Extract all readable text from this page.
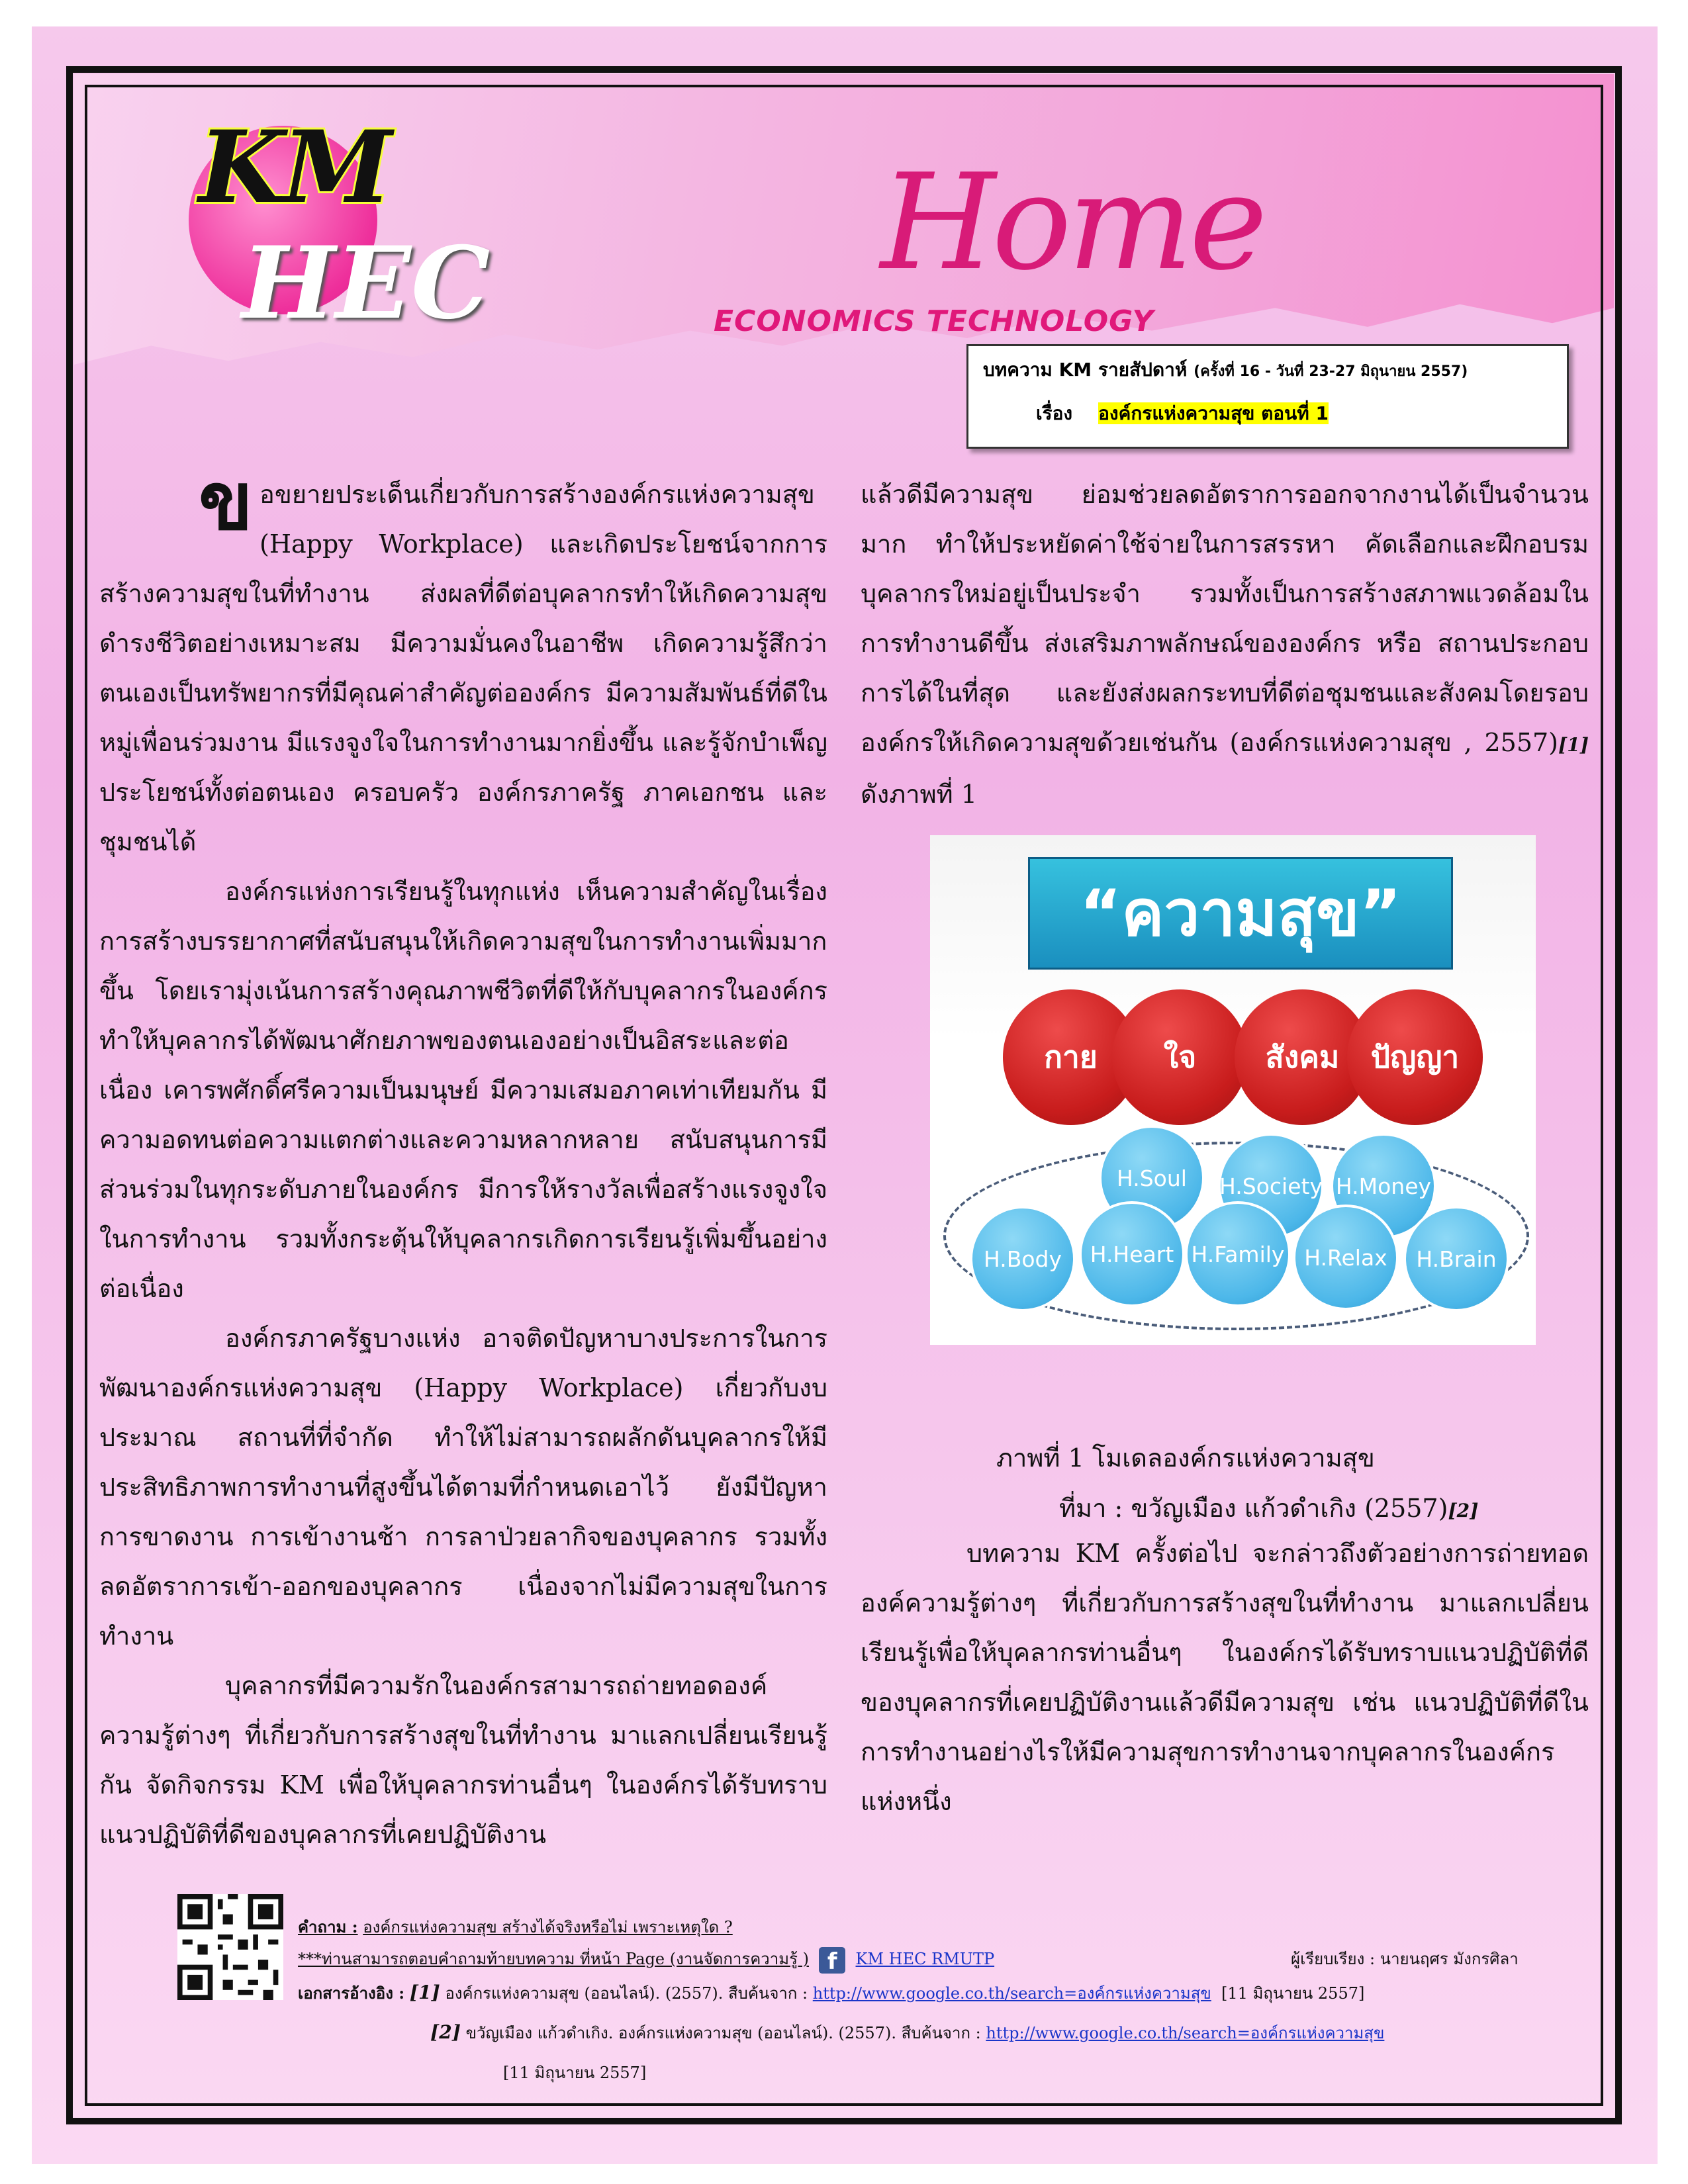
KM
HEC	Home
ECONOMICS TECHNOLOGY
บทความ KM รายสัปดาห์ (ครั้งที่ 16 - วันที่ 23-27 มิถุนายน 2557)
เรื่อง องค์กรแห่งความสุข ตอนที่ 1

ขอขยายประเด็นเกี่ยวกับการสร้างองค์กรแห่งความสุข (Happy Workplace) และเกิดประโยชน์จากการสร้างความสุขในที่ทำงาน ส่งผลที่ดีต่อบุคลากรทำให้เกิดความสุข ดำรงชีวิตอย่างเหมาะสม มีความมั่นคงในอาชีพ เกิดความรู้สึกว่าตนเองเป็นทรัพยากรที่มีคุณค่าสำคัญต่อองค์กร มีความสัมพันธ์ที่ดีในหมู่เพื่อนร่วมงาน มีแรงจูงใจในการทำงานมากยิ่งขึ้น และรู้จักบำเพ็ญประโยชน์ทั้งต่อตนเอง ครอบครัว องค์กรภาครัฐ ภาคเอกชน และชุมชนได้

องค์กรแห่งการเรียนรู้ในทุกแห่ง เห็นความสำคัญในเรื่องการสร้างบรรยากาศที่สนับสนุนให้เกิดความสุขในการทำงานเพิ่มมากขึ้น โดยเรามุ่งเน้นการสร้างคุณภาพชีวิตที่ดีให้กับบุคลากรในองค์กร ทำให้บุคลากรได้พัฒนาศักยภาพของตนเองอย่างเป็นอิสระและต่อเนื่อง เคารพศักดิ์ศรีความเป็นมนุษย์ มีความเสมอภาคเท่าเทียมกัน มีความอดทนต่อความแตกต่างและความหลากหลาย สนับสนุนการมีส่วนร่วมในทุกระดับภายในองค์กร มีการให้รางวัลเพื่อสร้างแรงจูงใจในการทำงาน รวมทั้งกระตุ้นให้บุคลากรเกิดการเรียนรู้เพิ่มขึ้นอย่างต่อเนื่อง

องค์กรภาครัฐบางแห่ง อาจติดปัญหาบางประการในการพัฒนาองค์กรแห่งความสุข (Happy Workplace) เกี่ยวกับงบประมาณ สถานที่ที่จำกัด ทำให้ไม่สามารถผลักดันบุคลากรให้มีประสิทธิภาพการทำงานที่สูงขึ้นได้ตามที่กำหนดเอาไว้ ยังมีปัญหาการขาดงาน การเข้างานช้า การลาป่วยลากิจของบุคลากร รวมทั้ง ลดอัตราการเข้า-ออกของบุคลากร เนื่องจากไม่มีความสุขในการทำงาน

บุคลากรที่มีความรักในองค์กรสามารถถ่ายทอดองค์ความรู้ต่างๆ ที่เกี่ยวกับการสร้างสุขในที่ทำงาน มาแลกเปลี่ยนเรียนรู้กัน จัดกิจกรรม KM เพื่อให้บุคลากรท่านอื่นๆ ในองค์กรได้รับทราบแนวปฏิบัติที่ดีของบุคลากรที่เคยปฏิบัติงาน

แล้วดีมีความสุข ย่อมช่วยลดอัตราการออกจากงานได้เป็นจำนวนมาก ทำให้ประหยัดค่าใช้จ่ายในการสรรหา คัดเลือกและฝึกอบรมบุคลากรใหม่อยู่เป็นประจำ รวมทั้งเป็นการสร้างสภาพแวดล้อมในการทำงานดีขึ้น ส่งเสริมภาพลักษณ์ขององค์กร หรือ สถานประกอบการได้ในที่สุด และยังส่งผลกระทบที่ดีต่อชุมชนและสังคมโดยรอบองค์กรให้เกิดความสุขด้วยเช่นกัน (องค์กรแห่งความสุข , 2557)[1] ดังภาพที่ 1

“ความสุข”
กาย	ใจ	สังคม	ปัญญา
H.Soul	H.Society H.Money
H.Body	H.Heart H.Family H.Relax	H.Brain
ภาพที่ 1 โมเดลองค์กรแห่งความสุข
ที่มา : ขวัญเมือง แก้วดำเกิง (2557)[2]

บทความ KM ครั้งต่อไป จะกล่าวถึงตัวอย่างการถ่ายทอดองค์ความรู้ต่างๆ ที่เกี่ยวกับการสร้างสุขในที่ทำงาน มาแลกเปลี่ยนเรียนรู้เพื่อให้บุคลากรท่านอื่นๆ ในองค์กรได้รับทราบแนวปฏิบัติที่ดีของบุคลากรที่เคยปฏิบัติงานแล้วดีมีความสุข เช่น แนวปฏิบัติที่ดีในการทำงานอย่างไรให้มีความสุขการทำงานจากบุคลากรในองค์กรแห่งหนึ่ง

คำถาม : องค์กรแห่งความสุข สร้างได้จริงหรือไม่ เพราะเหตุใด ?
***ท่านสามารถตอบคำถามท้ายบทความ ที่หน้า Page (งานจัดการความรู้ ) f KM HEC RMUTP	ผู้เรียบเรียง : นายนฤศร มังกรศิลา
เอกสารอ้างอิง : [1] องค์กรแห่งความสุข (ออนไลน์). (2557). สืบค้นจาก : http://www.google.co.th/search=องค์กรแห่งความสุข [11 มิถุนายน 2557]
[2] ขวัญเมือง แก้วดำเกิง. องค์กรแห่งความสุข (ออนไลน์). (2557). สืบค้นจาก : http://www.google.co.th/search=องค์กรแห่งความสุข
[11 มิถุนายน 2557]
